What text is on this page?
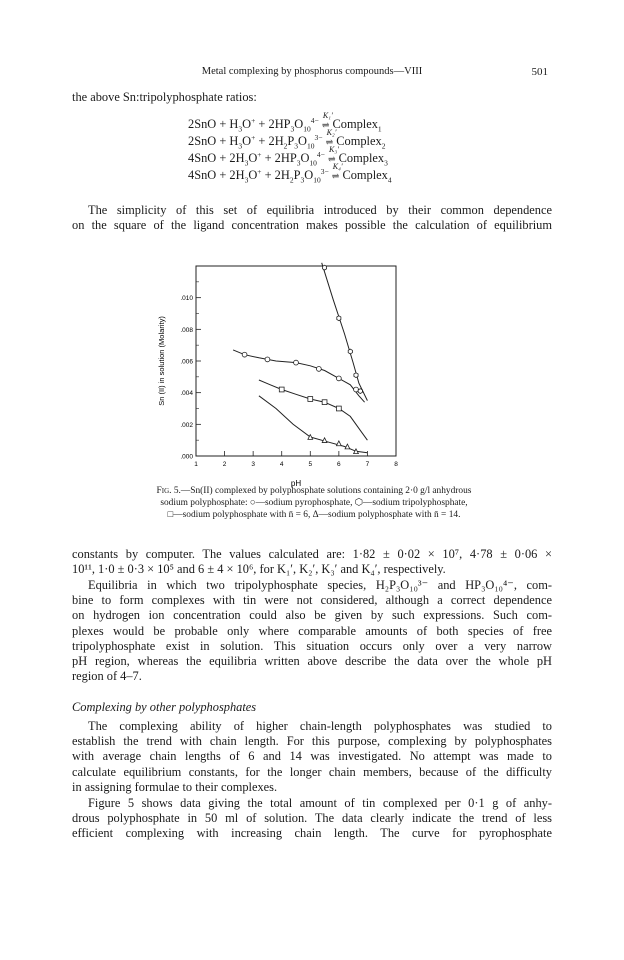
Metal complexing by phosphorus compounds—VIII	501

the above Sn:tripolyphosphate ratios:

$2SnO + H_3O^+ + 2HP_3O_{10}^{4-}$
K₁′
⇌ Complex$_1$
$2SnO + H_3O^+ + 2H_2P_3O_{10}^{3-}$
K₂′
⇌ Complex$_2$
$4SnO + 2H_3O^+ + 2HP_3O_{10}^{4-}$
K₃′
⇌ Complex$_3$
$4SnO + 2H_3O^+ + 2H_2P_3O_{10}^{3-}$
K₄′
⇌ Complex$_4$
The simplicity of this set of equilibria introduced by their common dependence
on the square of the ligand concentration makes possible the calculation of equilibrium
.000
.002
.004
.006
.008
.010
1	2	3	4	5	6	7	8
pH
Sn (II) in solution (Molarity)
Fig. 5.—Sn(II) complexed by polyphosphate solutions containing 2·0 g/l anhydrous
sodium polyphosphate: ○—sodium pyrophosphate, ⬡—sodium tripolyphosphate,
□—sodium polyphosphate with n̄ = 6, Δ—sodium polyphosphate with n̄ = 14.
constants by computer. The values calculated are: 1·82 ± 0·02 × 10⁷, 4·78 ± 0·06 ×
10¹¹, 1·0 ± 0·3 × 10⁵ and 6 ± 4 × 10⁶, for K₁′, K₂′, K₃′ and K₄′, respectively.
Equilibria in which two tripolyphosphate species, H₂P₃O₁₀³⁻ and HP₃O₁₀⁴⁻, com-
bine to form complexes with tin were not considered, although a correct dependence
on hydrogen ion concentration could also be given by such expressions. Such com-
plexes would be probable only where comparable amounts of both species of free
tripolyphosphate exist in solution. This situation occurs only over a very narrow
pH region, whereas the equilibria written above describe the data over the whole pH
region of 4–7.
Complexing by other polyphosphates
The complexing ability of higher chain-length polyphosphates was studied to
establish the trend with chain length. For this purpose, complexing by polyphosphates
with average chain lengths of 6 and 14 was investigated. No attempt was made to
calculate equilibrium constants, for the longer chain members, because of the difficulty
in assigning formulae to their complexes.
Figure 5 shows data giving the total amount of tin complexed per 0·1 g of anhy-
drous polyphosphate in 50 ml of solution. The data clearly indicate the trend of less
efficient complexing with increasing chain length. The curve for pyrophosphate
